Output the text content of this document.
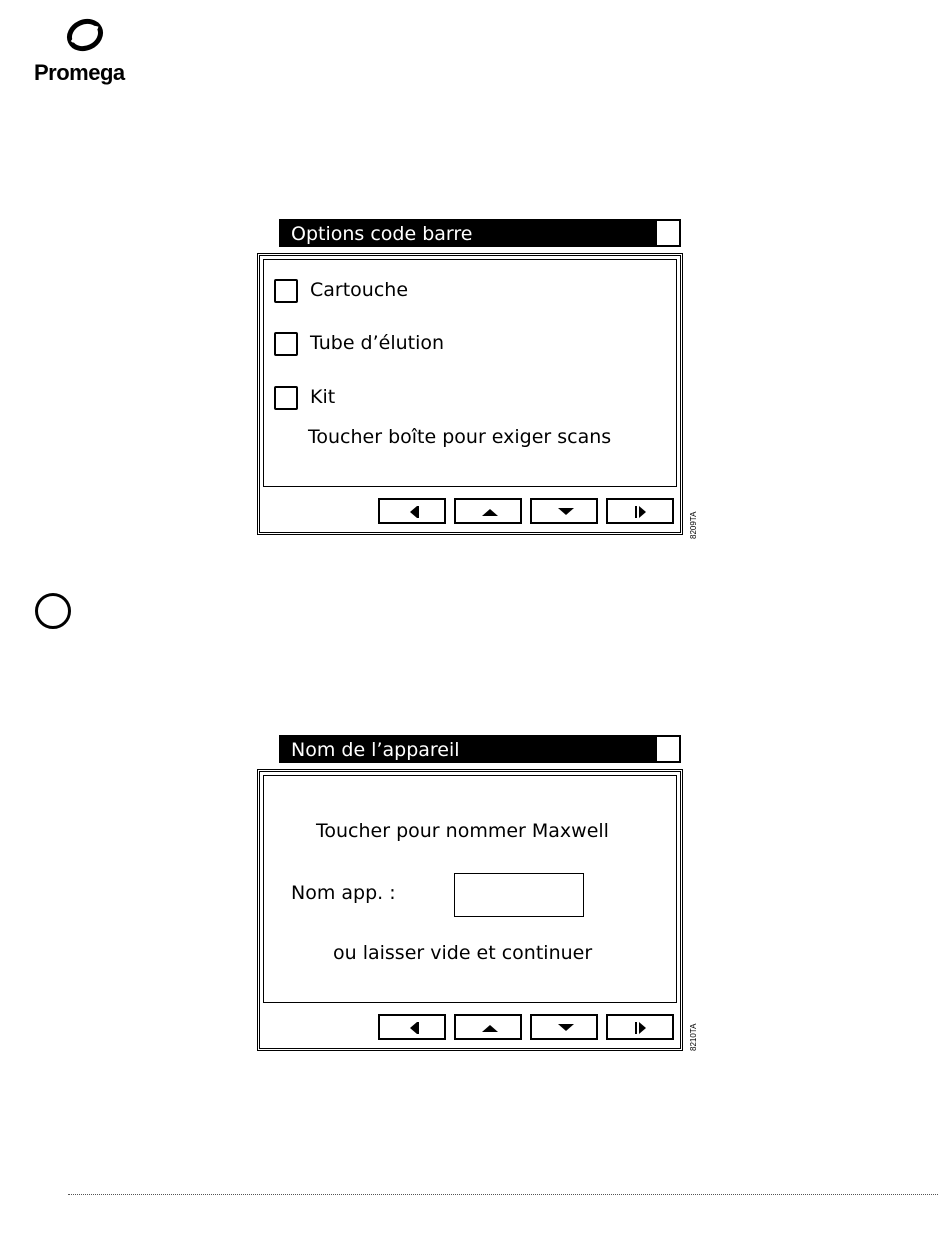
Promega
Options code barre
Cartouche
Tube d’élution
Kit
Toucher boîte pour exiger scans
8209TA
Nom de l’appareil
Toucher pour nommer Maxwell
Nom app. :
ou laisser vide et continuer
8210TA
